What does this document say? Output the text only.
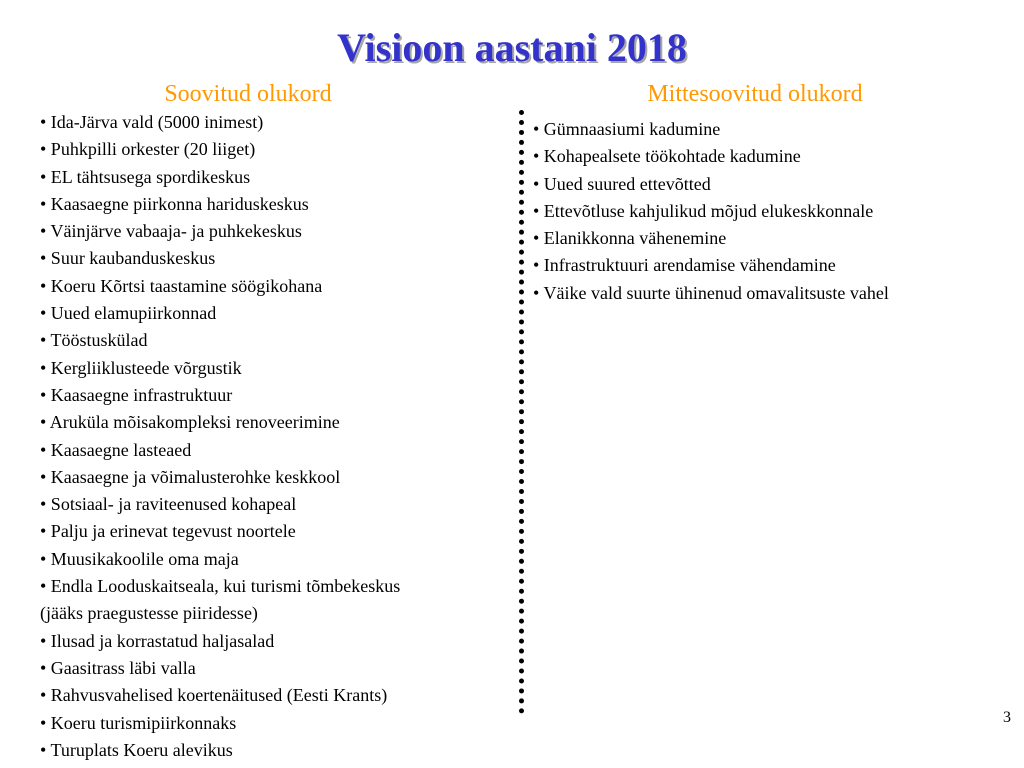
Visioon aastani 2018
Soovitud olukord	Mittesoovitud olukord
• Ida-Järva vald (5000 inimest)
• Puhkpilli orkester (20 liiget)
• EL tähtsusega spordikeskus
• Kaasaegne piirkonna hariduskeskus
• Väinjärve vabaaja- ja puhkekeskus
• Suur kaubanduskeskus
• Koeru Kõrtsi taastamine söögikohana
• Uued elamupiirkonnad
• Tööstuskülad
• Kergliiklusteede võrgustik
• Kaasaegne infrastruktuur
• Aruküla mõisakompleksi renoveerimine
• Kaasaegne lasteaed
• Kaasaegne ja võimalusterohke keskkool
• Sotsiaal- ja raviteenused kohapeal
• Palju ja erinevat tegevust noortele
• Muusikakoolile oma maja
• Endla Looduskaitseala, kui turismi tõmbekeskus
(jääks praegustesse piiridesse)
• Ilusad ja korrastatud haljasalad
• Gaasitrass läbi valla
• Rahvusvahelised koertenäitused (Eesti Krants)
• Koeru turismipiirkonnaks
• Turuplats Koeru alevikus
• Gümnaasiumi kadumine
• Kohapealsete töökohtade kadumine
• Uued suured ettevõtted
• Ettevõtluse kahjulikud mõjud elukeskkonnale
• Elanikkonna vähenemine
• Infrastruktuuri arendamise vähendamine
• Väike vald suurte ühinenud omavalitsuste vahel
3
